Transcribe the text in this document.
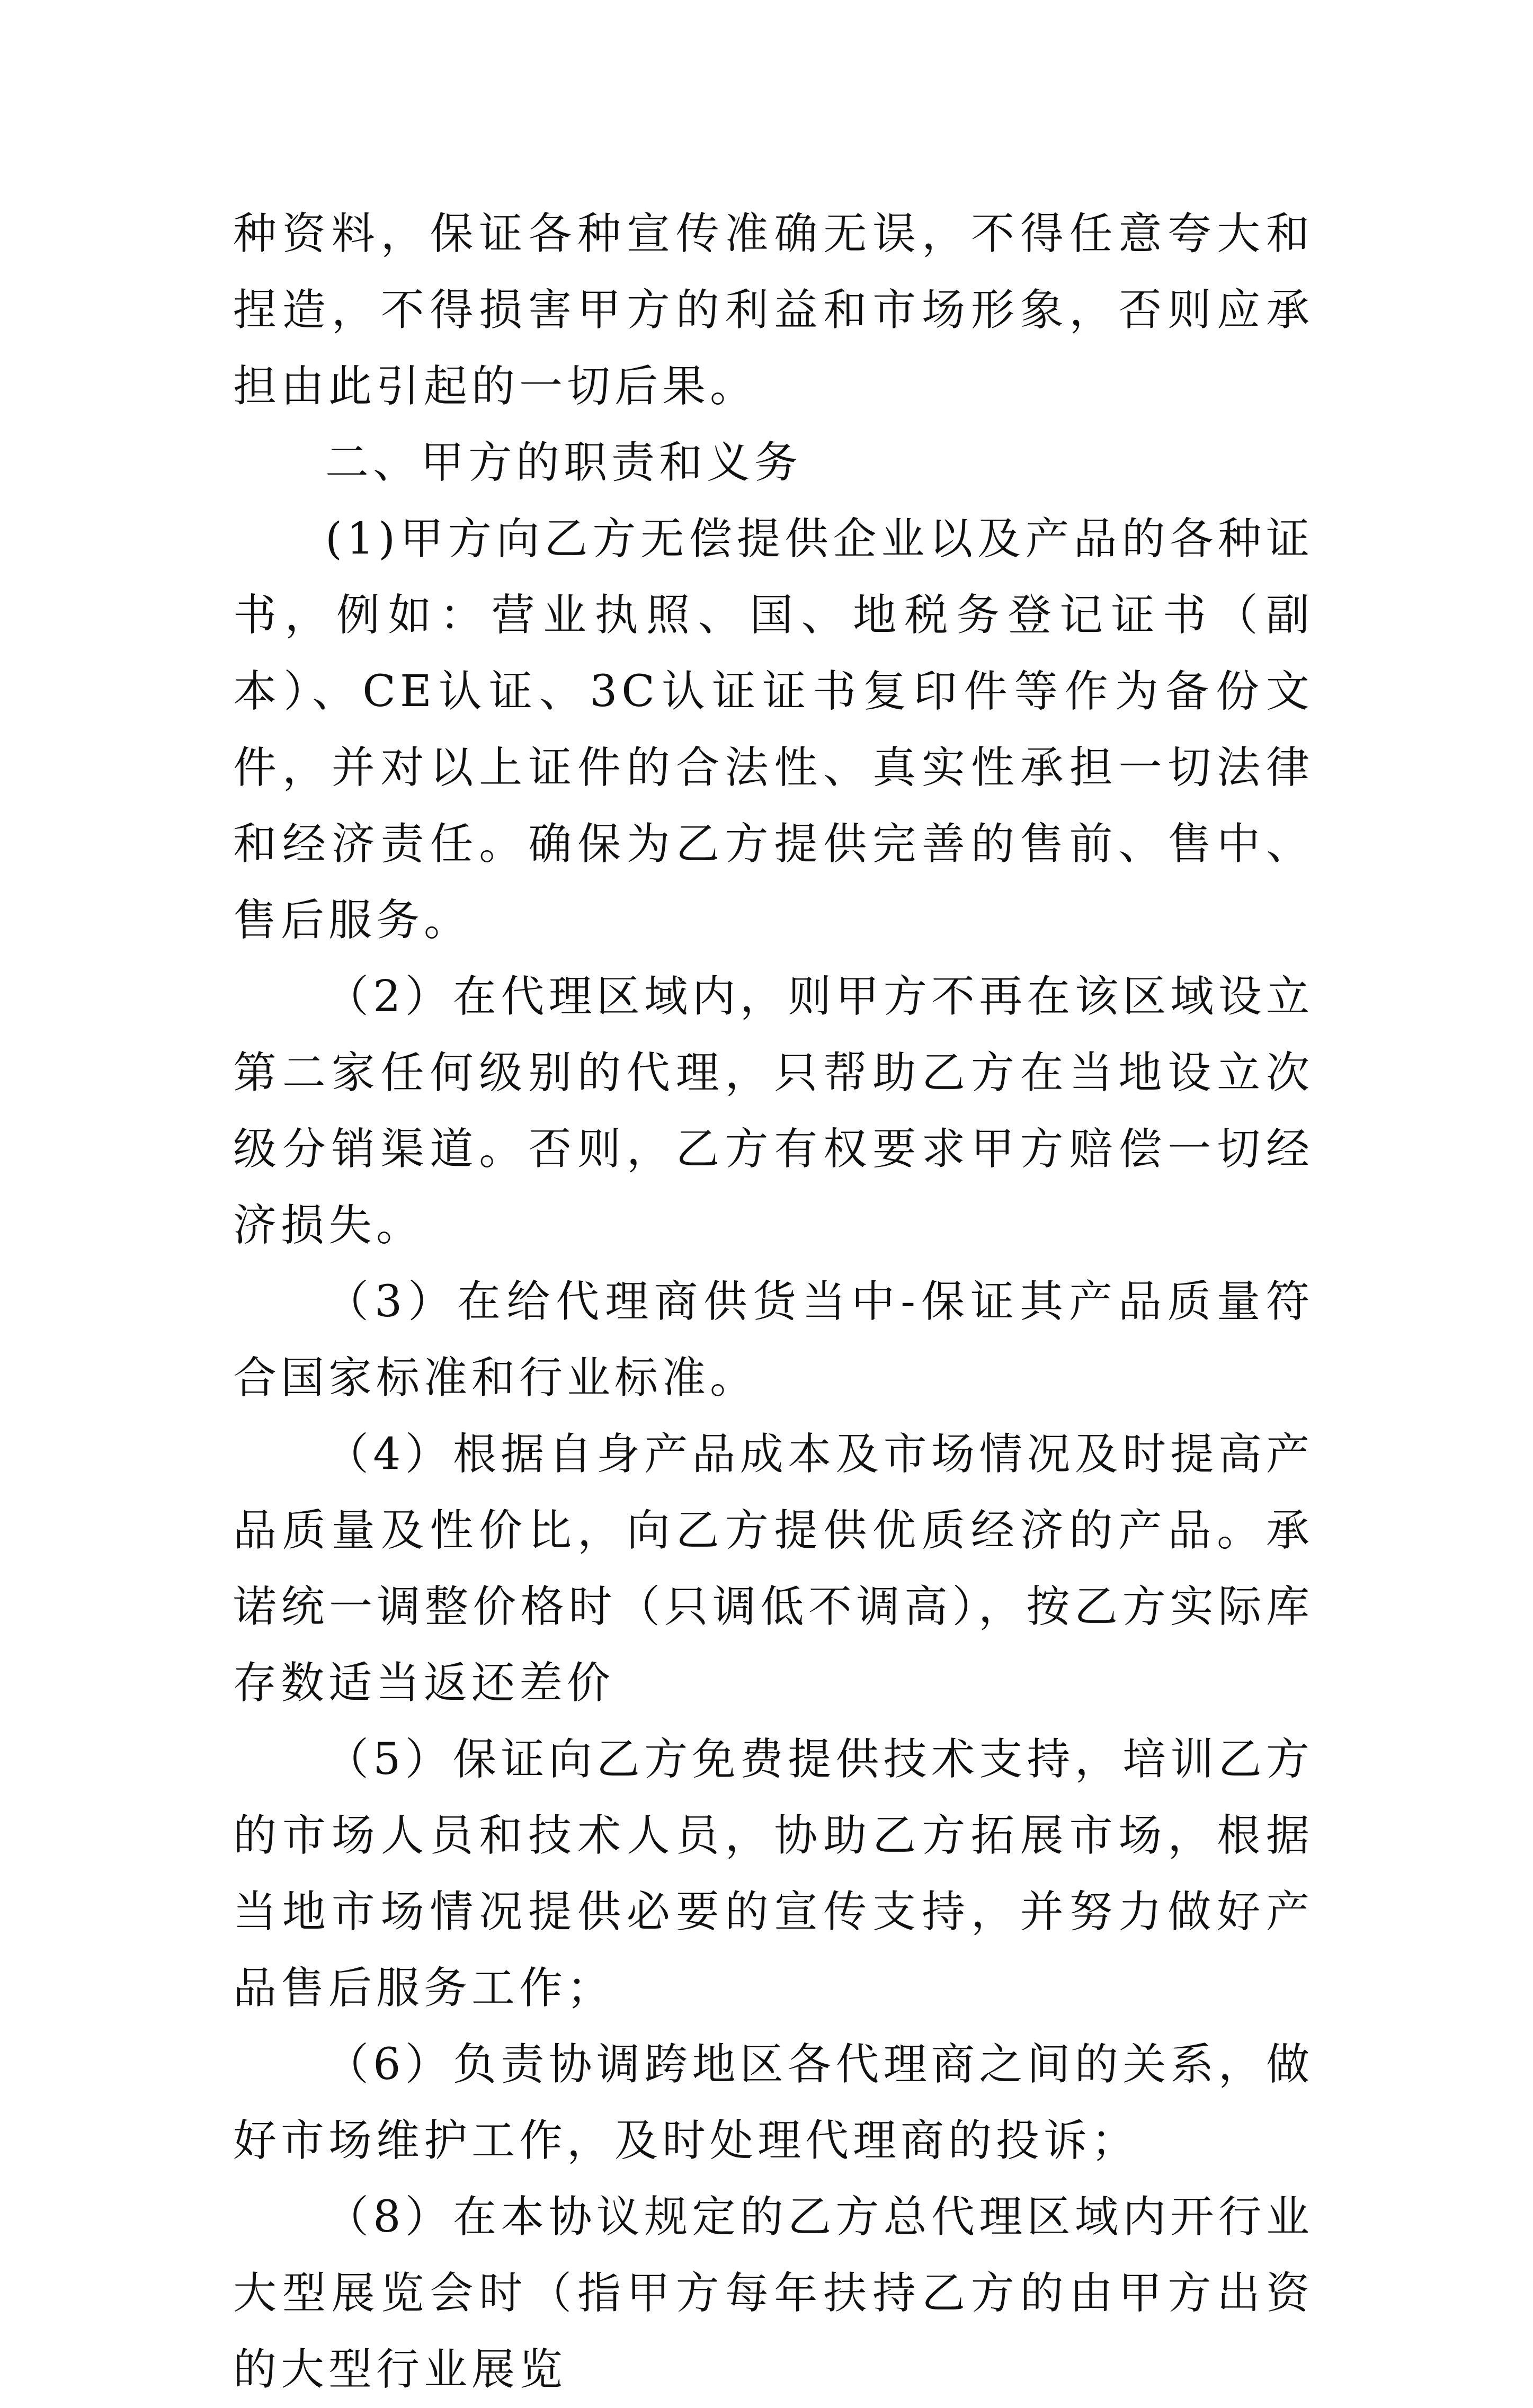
种资料，保证各种宣传准确无误，不得任意夸大和捏造，不得损害甲方的利益和市场形象，否则应承担由此引起的一切后果。

二、甲方的职责和义务

(1)甲方向乙方无偿提供企业以及产品的各种证书，例如：营业执照、国、地税务登记证书（副本）、CE认证、3C认证证书复印件等作为备份文件，并对以上证件的合法性、真实性承担一切法律和经济责任。确保为乙方提供完善的售前、售中、售后服务。

（2）在代理区域内，则甲方不再在该区域设立第二家任何级别的代理，只帮助乙方在当地设立次级分销渠道。否则，乙方有权要求甲方赔偿一切经济损失。

（3）在给代理商供货当中-保证其产品质量符合国家标准和行业标准。

（4）根据自身产品成本及市场情况及时提高产品质量及性价比，向乙方提供优质经济的产品。承诺统一调整价格时（只调低不调高），按乙方实际库存数适当返还差价

（5）保证向乙方免费提供技术支持，培训乙方的市场人员和技术人员，协助乙方拓展市场，根据当地市场情况提供必要的宣传支持，并努力做好产品售后服务工作；

（6）负责协调跨地区各代理商之间的关系，做好市场维护工作，及时处理代理商的投诉；

（8）在本协议规定的乙方总代理区域内开行业大型展览会时（指甲方每年扶持乙方的由甲方出资的大型行业展览
